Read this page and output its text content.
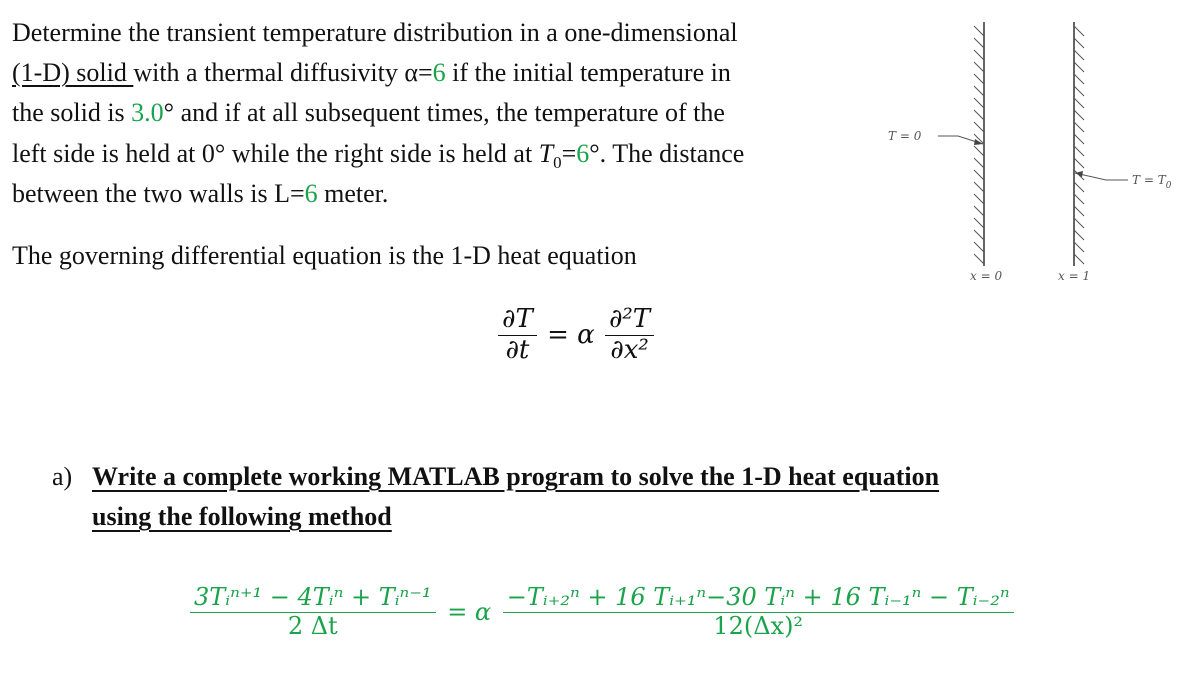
Determine the transient temperature distribution in a one-dimensional
(1-D) solid with a thermal diffusivity α=6 if the initial temperature in
the solid is 3.0° and if at all subsequent times, the temperature of the
left side is held at 0° while the right side is held at $T_0=6^\circ$. The distance
between the two walls is L=6 meter.
The governing differential equation is the 1-D heat equation
$\frac{\partial T}{\partial t} = \alpha \frac{\text{∂²T}}{\text{∂x²}}$
a) Write a complete working MATLAB program to solve the 1-D heat equation
using the following method
$\frac{\text{3Tᵢⁿ⁺¹ − 4Tᵢⁿ + Tᵢⁿ⁻¹}}{2 \Delta t} = \alpha \frac{\text{−Tᵢ₊₂ⁿ + 16 Tᵢ₊₁ⁿ−30 Tᵢⁿ + 16 Tᵢ₋₁ⁿ − Tᵢ₋₂ⁿ}}{\text{12(Δx)²}}$
T = 0
$T = T_0$
x = 0	x = 1
